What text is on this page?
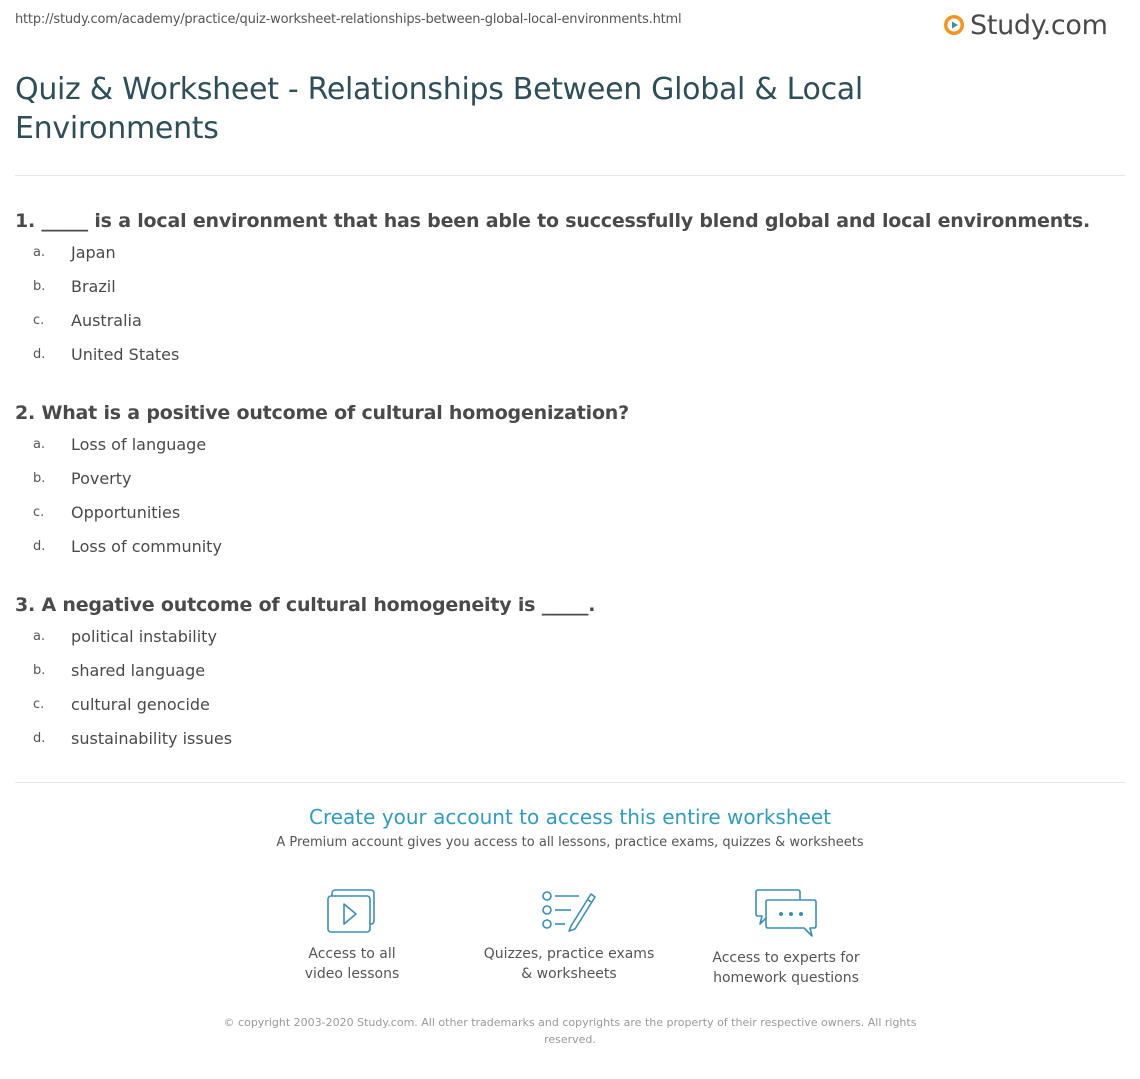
http://study.com/academy/practice/quiz-worksheet-relationships-between-global-local-environments.html	Study.com
Quiz & Worksheet - Relationships Between Global & Local Environments
1. _____ is a local environment that has been able to successfully blend global and local environments.
a. Japan
b. Brazil
c. Australia
d. United States
2. What is a positive outcome of cultural homogenization?
a. Loss of language
b. Poverty
c. Opportunities
d. Loss of community
3. A negative outcome of cultural homogeneity is _____.
a. political instability
b. shared language
c. cultural genocide
d. sustainability issues
Create your account to access this entire worksheet
A Premium account gives you access to all lessons, practice exams, quizzes & worksheets
Access to all
video lessons
Quizzes, practice exams
& worksheets
Access to experts for
homework questions
© copyright 2003-2020 Study.com. All other trademarks and copyrights are the property of their respective owners. All rights reserved.
